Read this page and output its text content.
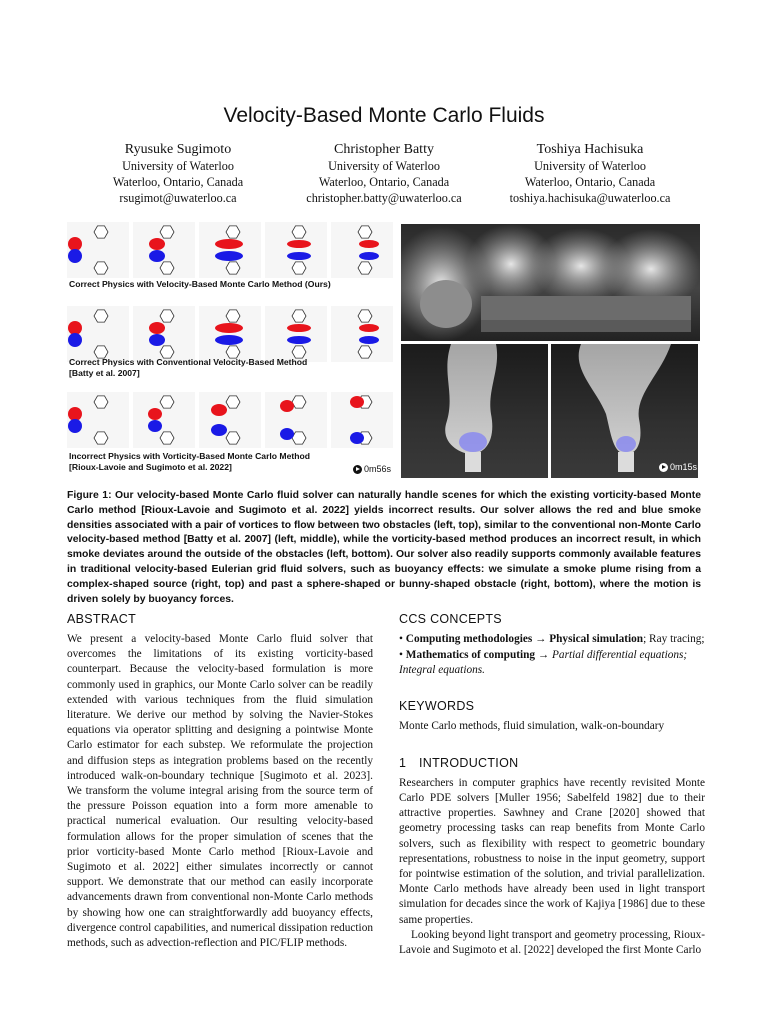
Velocity-Based Monte Carlo Fluids
Ryusuke Sugimoto
University of Waterloo
Waterloo, Ontario, Canada
rsugimot@uwaterloo.ca
Christopher Batty
University of Waterloo
Waterloo, Ontario, Canada
christopher.batty@uwaterloo.ca
Toshiya Hachisuka
University of Waterloo
Waterloo, Ontario, Canada
toshiya.hachisuka@uwaterloo.ca
Correct Physics with Velocity-Based Monte Carlo Method (Ours)
Correct Physics with Conventional Velocity-Based Method
[Batty et al. 2007]
Incorrect Physics with Vorticity-Based Monte Carlo Method
[Rioux-Lavoie and Sugimoto et al. 2022]	0m56s	0m15s
Figure 1: Our velocity-based Monte Carlo fluid solver can naturally handle scenes for which the existing vorticity-based Monte Carlo method [Rioux-Lavoie and Sugimoto et al. 2022] yields incorrect results. Our solver allows the red and blue smoke densities associated with a pair of vortices to flow between two obstacles (left, top), similar to the conventional non-Monte Carlo velocity-based method [Batty et al. 2007] (left, middle), while the vorticity-based method produces an incorrect result, in which smoke deviates around the outside of the obstacles (left, bottom). Our solver also readily supports commonly available features in traditional velocity-based Eulerian grid fluid solvers, such as buoyancy effects: we simulate a smoke plume rising from a complex-shaped source (right, top) and past a sphere-shaped or bunny-shaped obstacle (right, bottom), where the motion is driven solely by buoyancy forces.
ABSTRACT

We present a velocity-based Monte Carlo fluid solver that overcomes the limitations of its existing vorticity-based counterpart. Because the velocity-based formulation is more commonly used in graphics, our Monte Carlo solver can be readily extended with various techniques from the fluid simulation literature. We derive our method by solving the Navier-Stokes equations via operator splitting and designing a pointwise Monte Carlo estimator for each substep. We reformulate the projection and diffusion steps as integration problems based on the recently introduced walk-on-boundary technique [Sugimoto et al. 2023]. We transform the volume integral arising from the source term of the pressure Poisson equation into a form more amenable to practical numerical evaluation. Our resulting velocity-based formulation allows for the proper simulation of scenes that the prior vorticity-based Monte Carlo method [Rioux-Lavoie and Sugimoto et al. 2022] either simulates incorrectly or cannot support. We demonstrate that our method can easily incorporate advancements drawn from conventional non-Monte Carlo methods by showing how one can straightforwardly add buoyancy effects, divergence control capabilities, and numerical dissipation reduction methods, such as advection-reflection and PIC/FLIP methods.

CCS CONCEPTS

• Computing methodologies → Physical simulation; Ray tracing; • Mathematics of computing → Partial differential equations; Integral equations.

KEYWORDS

Monte Carlo methods, fluid simulation, walk-on-boundary

1 INTRODUCTION

Researchers in computer graphics have recently revisited Monte Carlo PDE solvers [Muller 1956; Sabelfeld 1982] due to their attractive properties. Sawhney and Crane [2020] showed that geometry processing tasks can reap benefits from Monte Carlo solvers, such as flexibility with respect to geometric boundary representations, robustness to noise in the input geometry, support for pointwise estimation of the solution, and trivial parallelization. Monte Carlo methods have already been used in light transport simulation for decades since the work of Kajiya [1986] due to these same properties.

Looking beyond light transport and geometry processing, Rioux-Lavoie and Sugimoto et al. [2022] developed the first Monte Carlo
